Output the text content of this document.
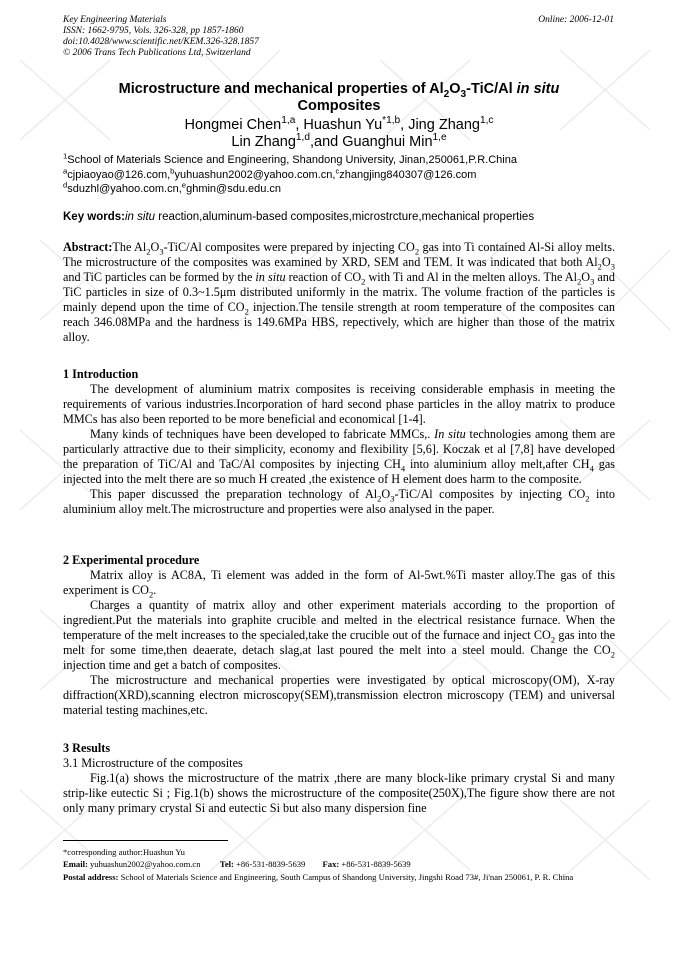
Key Engineering Materials
ISSN: 1662-9795, Vols. 326-328, pp 1857-1860
doi:10.4028/www.scientific.net/KEM.326-328.1857
© 2006 Trans Tech Publications Ltd, Switzerland
Online: 2006-12-01
Microstructure and mechanical properties of $Al_2O_3-TiC/Al$ in situ
Composites
Hongmei Chen$^{1,a}$, Huashun Yu$^{*1,b}$, Jing Zhang$^{1,c}$
Lin Zhang$^{1,d}$,and Guanghui Min$^{1,e}$
$^1$School of Materials Science and Engineering, Shandong University, Jinan,250061,P.R.China
$^a$cjpiaoyao@126.com,$^b$yuhuashun2002@yahoo.com.cn,$^c$zhangjing840307@126.com
$^d$sduzhl@yahoo.com.cn,$^e$ghmin@sdu.edu.cn
Key words:in situ reaction,aluminum-based composites,microstrcture,mechanical properties

Abstract:The $Al_2O_3-TiC/Al$ composites were prepared by injecting $CO_2$ gas into Ti contained Al-Si alloy melts. The microstructure of the composites was examined by XRD, SEM and TEM. It was indicated that both $Al_2O_3$ and TiC particles can be formed by the in situ reaction of $CO_2$ with Ti and Al in the melten alloys. The $Al_2O_3$ and TiC particles in size of 0.3~1.5μm distributed uniformly in the matrix. The volume fraction of the particles is mainly depend upon the time of $CO_2$ injection.The tensile strength at room temperature of the composites can reach 346.08MPa and the hardness is 149.6MPa HBS, repectively, which are higher than those of the matrix alloy.

1 Introduction

The development of aluminium matrix composites is receiving considerable emphasis in meeting the requirements of various industries.Incorporation of hard second phase particles in the alloy matrix to produce MMCs has also been reported to be more beneficial and economical [1-4].

Many kinds of techniques have been developed to fabricate MMCs,. In situ technologies among them are particularly attractive due to their simplicity, economy and flexibility [5,6]. Koczak et al [7,8] have developed the preparation of TiC/Al and TaC/Al composites by injecting $CH_4$ into aluminium alloy melt,after $CH_4$ gas injected into the melt there are so much H created ,the existence of H element does harm to the composite.

This paper discussed the preparation technology of $Al_2O_3-TiC/Al$ composites by injecting $CO_2$ into aluminium alloy melt.The microstructure and properties were also analysed in the paper.

2 Experimental procedure

Matrix alloy is AC8A, Ti element was added in the form of Al-5wt.%Ti master alloy.The gas of this experiment is $CO_2$.

Charges a quantity of matrix alloy and other experiment materials according to the proportion of ingredient.Put the materials into graphite crucible and melted in the electrical resistance furnace. When the temperature of the melt increases to the specialed,take the crucible out of the furnace and inject $CO_2$ gas into the melt for some time,then deaerate, detach slag,at last poured the melt into a steel mould. Change the $CO_2$ injection time and get a batch of composites.

The microstructure and mechanical properties were investigated by optical microscopy(OM), X-ray diffraction(XRD),scanning electron microscopy(SEM),transmission electron microscopy (TEM) and universal material testing machines,etc.

3 Results

3.1 Microstructure of the composites

Fig.1(a) shows the microstructure of the matrix ,there are many block-like primary crystal Si and many strip-like eutectic Si ; Fig.1(b) shows the microstructure of the composite(250X),The figure show there are not only many primary crystal Si and eutectic Si but also many dispersion fine

*corresponding author:Huashun Yu
Email: yuhuashun2002@yahoo.com.cn Tel: +86-531-8839-5639 Fax: +86-531-8839-5639
Postal address: School of Materials Science and Engineering, South Campus of Shandong University, Jingshi Road 73#, Ji'nan 250061, P. R. China
